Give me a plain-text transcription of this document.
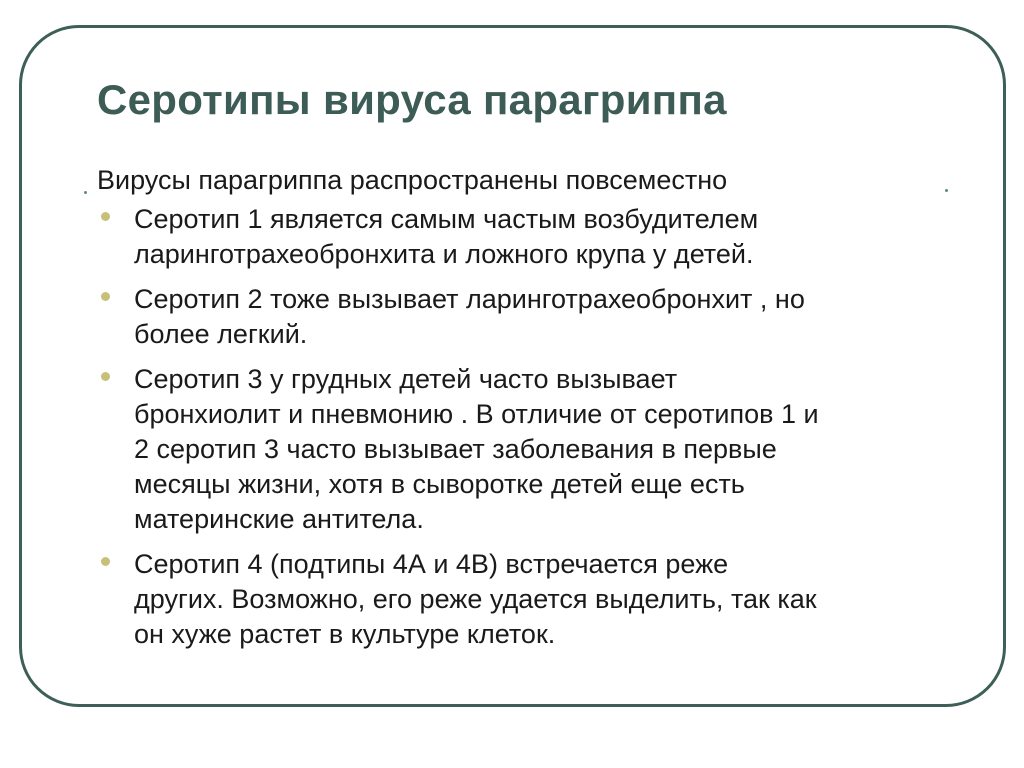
Серотипы вируса парагриппа

Вирусы парагриппа распространены повсеместно

Серотип 1 является самым частым возбудителем
ларинготрахеобронхита и ложного крупа у детей.
Серотип 2 тоже вызывает ларинготрахеобронхит , но
более легкий.
Серотип 3 у грудных детей часто вызывает
бронхиолит и пневмонию . В отличие от серотипов 1 и
2 серотип 3 часто вызывает заболевания в первые
месяцы жизни, хотя в сыворотке детей еще есть
материнские антитела.
Серотип 4 (подтипы 4А и 4В) встречается реже
других. Возможно, его реже удается выделить, так как
он хуже растет в культуре клеток.
